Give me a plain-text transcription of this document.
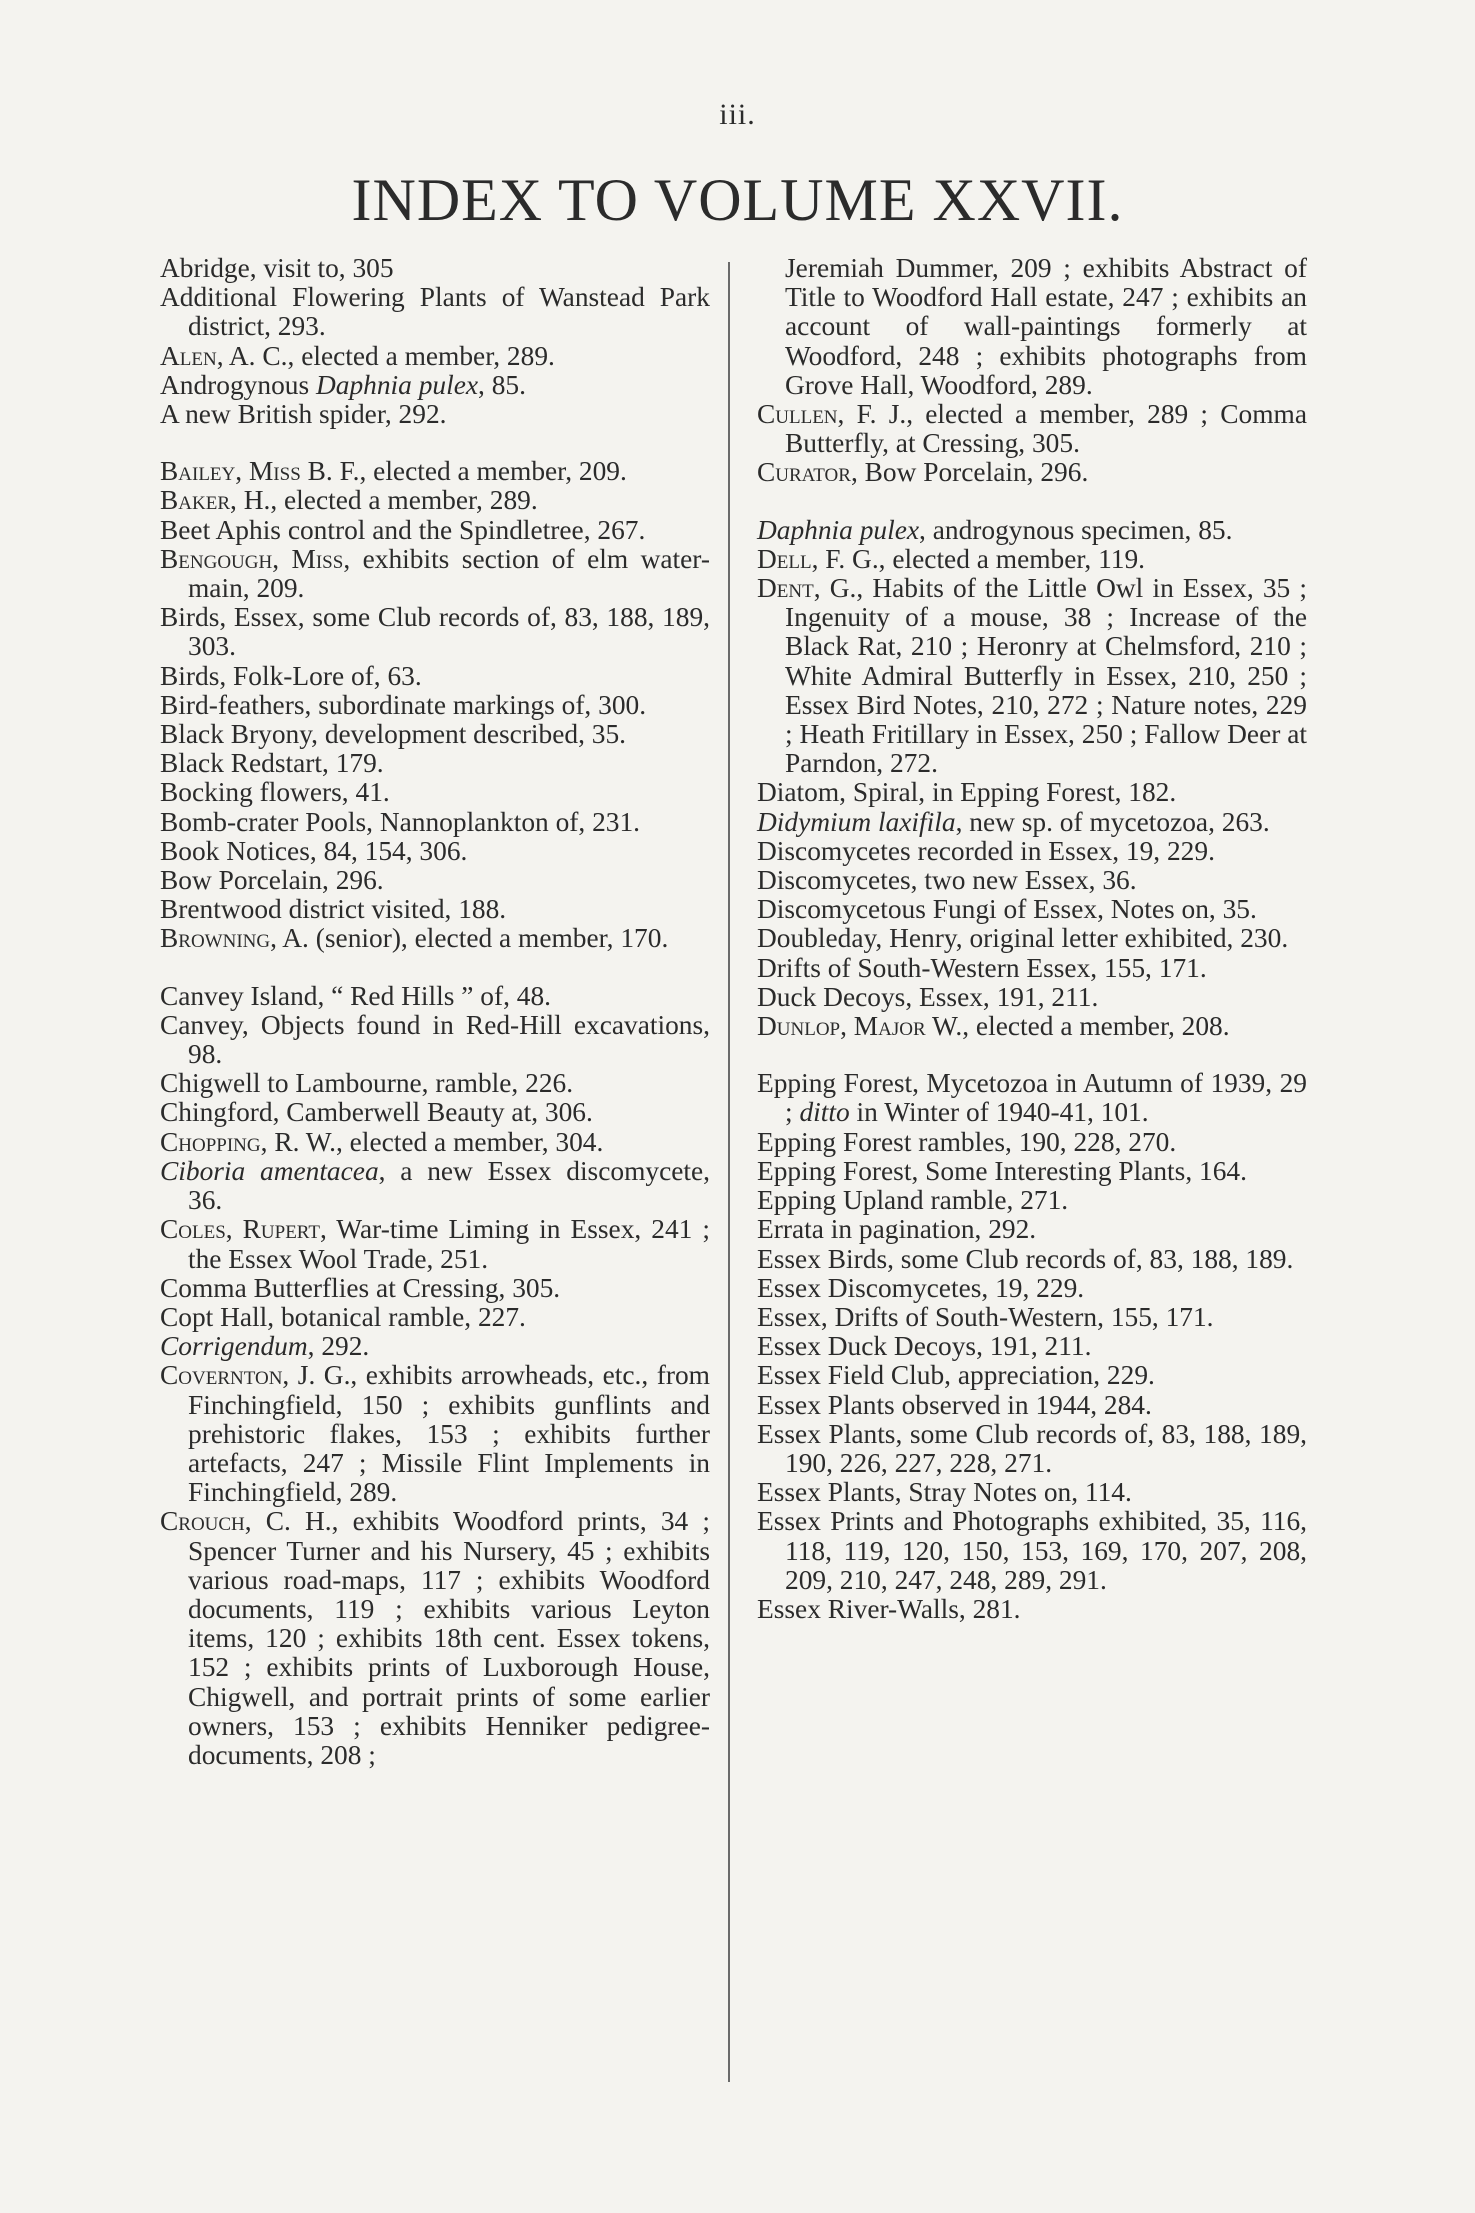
iii.
INDEX TO VOLUME XXVII.

Abridge, visit to, 305

Additional Flowering Plants of Wanstead Park district, 293.

Alen, A. C., elected a member, 289.

Androgynous Daphnia pulex, 85.

A new British spider, 292.

Bailey, Miss B. F., elected a member, 209.

Baker, H., elected a member, 289.

Beet Aphis control and the Spindletree, 267.

Bengough, Miss, exhibits section of elm water-main, 209.

Birds, Essex, some Club records of, 83, 188, 189, 303.

Birds, Folk-Lore of, 63.

Bird-feathers, subordinate markings of, 300.

Black Bryony, development described, 35.

Black Redstart, 179.

Bocking flowers, 41.

Bomb-crater Pools, Nannoplankton of, 231.

Book Notices, 84, 154, 306.

Bow Porcelain, 296.

Brentwood district visited, 188.

Browning, A. (senior), elected a member, 170.

Canvey Island, “ Red Hills ” of, 48.

Canvey, Objects found in Red-Hill excavations, 98.

Chigwell to Lambourne, ramble, 226.

Chingford, Camberwell Beauty at, 306.

Chopping, R. W., elected a member, 304.

Ciboria amentacea, a new Essex discomycete, 36.

Coles, Rupert, War-time Liming in Essex, 241 ; the Essex Wool Trade, 251.

Comma Butterflies at Cressing, 305.

Copt Hall, botanical ramble, 227.

Corrigendum, 292.

Covernton, J. G., exhibits arrowheads, etc., from Finchingfield, 150 ; exhibits gunflints and prehistoric flakes, 153 ; exhibits further artefacts, 247 ; Missile Flint Implements in Finchingfield, 289.

Crouch, C. H., exhibits Woodford prints, 34 ; Spencer Turner and his Nursery, 45 ; exhibits various road-maps, 117 ; exhibits Woodford documents, 119 ; exhibits various Leyton items, 120 ; exhibits 18th cent. Essex tokens, 152 ; exhibits prints of Luxborough House, Chigwell, and portrait prints of some earlier owners, 153 ; exhibits Henniker pedigree-documents, 208 ;

Jeremiah Dummer, 209 ; exhibits Abstract of Title to Woodford Hall estate, 247 ; exhibits an account of wall-paintings formerly at Woodford, 248 ; exhibits photographs from Grove Hall, Woodford, 289.

Cullen, F. J., elected a member, 289 ; Comma Butterfly, at Cressing, 305.

Curator, Bow Porcelain, 296.

Daphnia pulex, androgynous specimen, 85.

Dell, F. G., elected a member, 119.

Dent, G., Habits of the Little Owl in Essex, 35 ; Ingenuity of a mouse, 38 ; Increase of the Black Rat, 210 ; Heronry at Chelmsford, 210 ; White Admiral Butterfly in Essex, 210, 250 ; Essex Bird Notes, 210, 272 ; Nature notes, 229 ; Heath Fritillary in Essex, 250 ; Fallow Deer at Parndon, 272.

Diatom, Spiral, in Epping Forest, 182.

Didymium laxifila, new sp. of mycetozoa, 263.

Discomycetes recorded in Essex, 19, 229.

Discomycetes, two new Essex, 36.

Discomycetous Fungi of Essex, Notes on, 35.

Doubleday, Henry, original letter exhibited, 230.

Drifts of South-Western Essex, 155, 171.

Duck Decoys, Essex, 191, 211.

Dunlop, Major W., elected a member, 208.

Epping Forest, Mycetozoa in Autumn of 1939, 29 ; ditto in Winter of 1940-41, 101.

Epping Forest rambles, 190, 228, 270.

Epping Forest, Some Interesting Plants, 164.

Epping Upland ramble, 271.

Errata in pagination, 292.

Essex Birds, some Club records of, 83, 188, 189.

Essex Discomycetes, 19, 229.

Essex, Drifts of South-Western, 155, 171.

Essex Duck Decoys, 191, 211.

Essex Field Club, appreciation, 229.

Essex Plants observed in 1944, 284.

Essex Plants, some Club records of, 83, 188, 189, 190, 226, 227, 228, 271.

Essex Plants, Stray Notes on, 114.

Essex Prints and Photographs exhibited, 35, 116, 118, 119, 120, 150, 153, 169, 170, 207, 208, 209, 210, 247, 248, 289, 291.

Essex River-Walls, 281.
